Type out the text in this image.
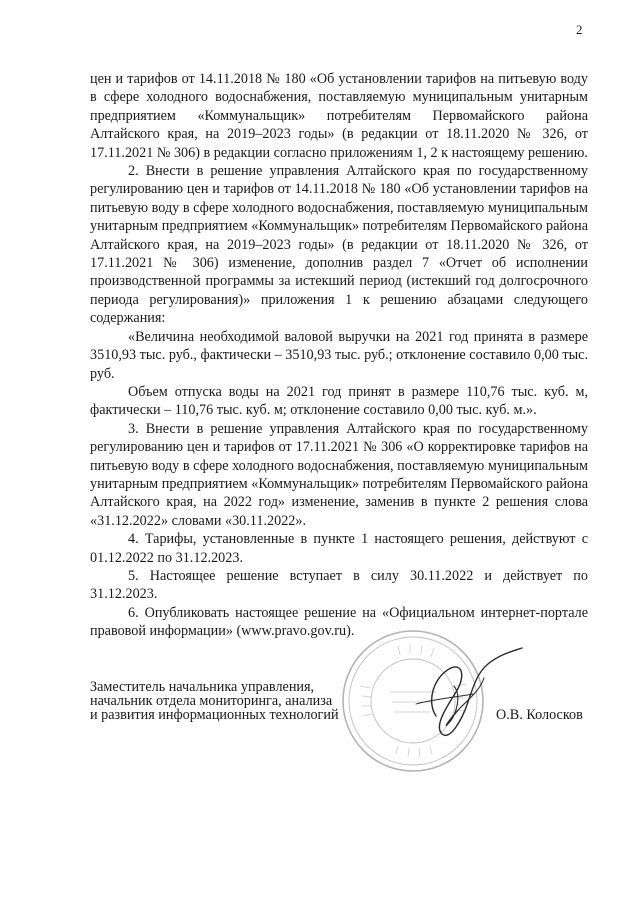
2

цен и тарифов от 14.11.2018 № 180 «Об установлении тарифов на питьевую воду в сфере холодного водоснабжения, поставляемую муниципальным унитарным предприятием «Коммунальщик» потребителям Первомайского района Алтайского края, на 2019–2023 годы» (в редакции от 18.11.2020 № 326, от 17.11.2021 № 306) в редакции согласно приложениям 1, 2 к настоящему решению.

2. Внести в решение управления Алтайского края по государственному регулированию цен и тарифов от 14.11.2018 № 180 «Об установлении тарифов на питьевую воду в сфере холодного водоснабжения, поставляемую муниципальным унитарным предприятием «Коммунальщик» потребителям Первомайского района Алтайского края, на 2019–2023 годы» (в редакции от 18.11.2020 № 326, от 17.11.2021 № 306) изменение, дополнив раздел 7 «Отчет об исполнении производственной программы за истекший период (истекший год долгосрочного периода регулирования)» приложения 1 к решению абзацами следующего содержания:

«Величина необходимой валовой выручки на 2021 год принята в размере 3510,93 тыс. руб., фактически – 3510,93 тыс. руб.; отклонение составило 0,00 тыс. руб.

Объем отпуска воды на 2021 год принят в размере 110,76 тыс. куб. м, фактически – 110,76 тыс. куб. м; отклонение составило 0,00 тыс. куб. м.».

3. Внести в решение управления Алтайского края по государственному регулированию цен и тарифов от 17.11.2021 № 306 «О корректировке тарифов на питьевую воду в сфере холодного водоснабжения, поставляемую муниципальным унитарным предприятием «Коммунальщик» потребителям Первомайского района Алтайского края, на 2022 год» изменение, заменив в пункте 2 решения слова «31.12.2022» словами «30.11.2022».

4. Тарифы, установленные в пункте 1 настоящего решения, действуют с 01.12.2022 по 31.12.2023.

5. Настоящее решение вступает в силу 30.11.2022 и действует по 31.12.2023.

6. Опубликовать настоящее решение на «Официальном интернет-портале правовой информации» (www.pravo.gov.ru).

Заместитель начальника управления,
начальник отдела мониторинга, анализа
и развития информационных технологий	О.В. Колосков
